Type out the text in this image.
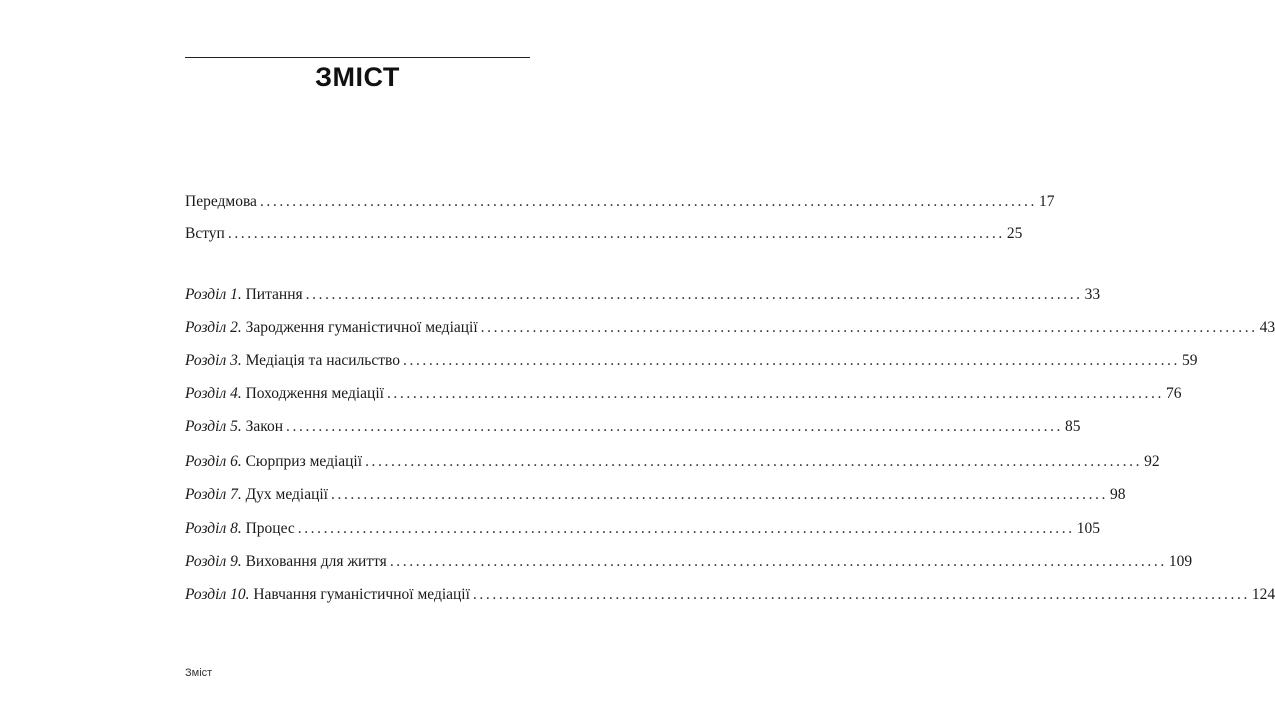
ЗМІСТ
Передмова ........................................................................................................................ 17
Вступ ........................................................................................................................ 25
Розділ 1. Питання ........................................................................................................................ 33
Розділ 2. Зародження гуманістичної медіації ........................................................................................................................ 43
Розділ 3. Медіація та насильство ........................................................................................................................ 59
Розділ 4. Походження медіації ........................................................................................................................ 76
Розділ 5. Закон ........................................................................................................................ 85
Розділ 6. Сюрприз медіації ........................................................................................................................ 92
Розділ 7. Дух медіації ........................................................................................................................ 98
Розділ 8. Процес ........................................................................................................................ 105
Розділ 9. Виховання для життя ........................................................................................................................ 109
Розділ 10. Навчання гуманістичної медіації ........................................................................................................................ 124
Зміст
